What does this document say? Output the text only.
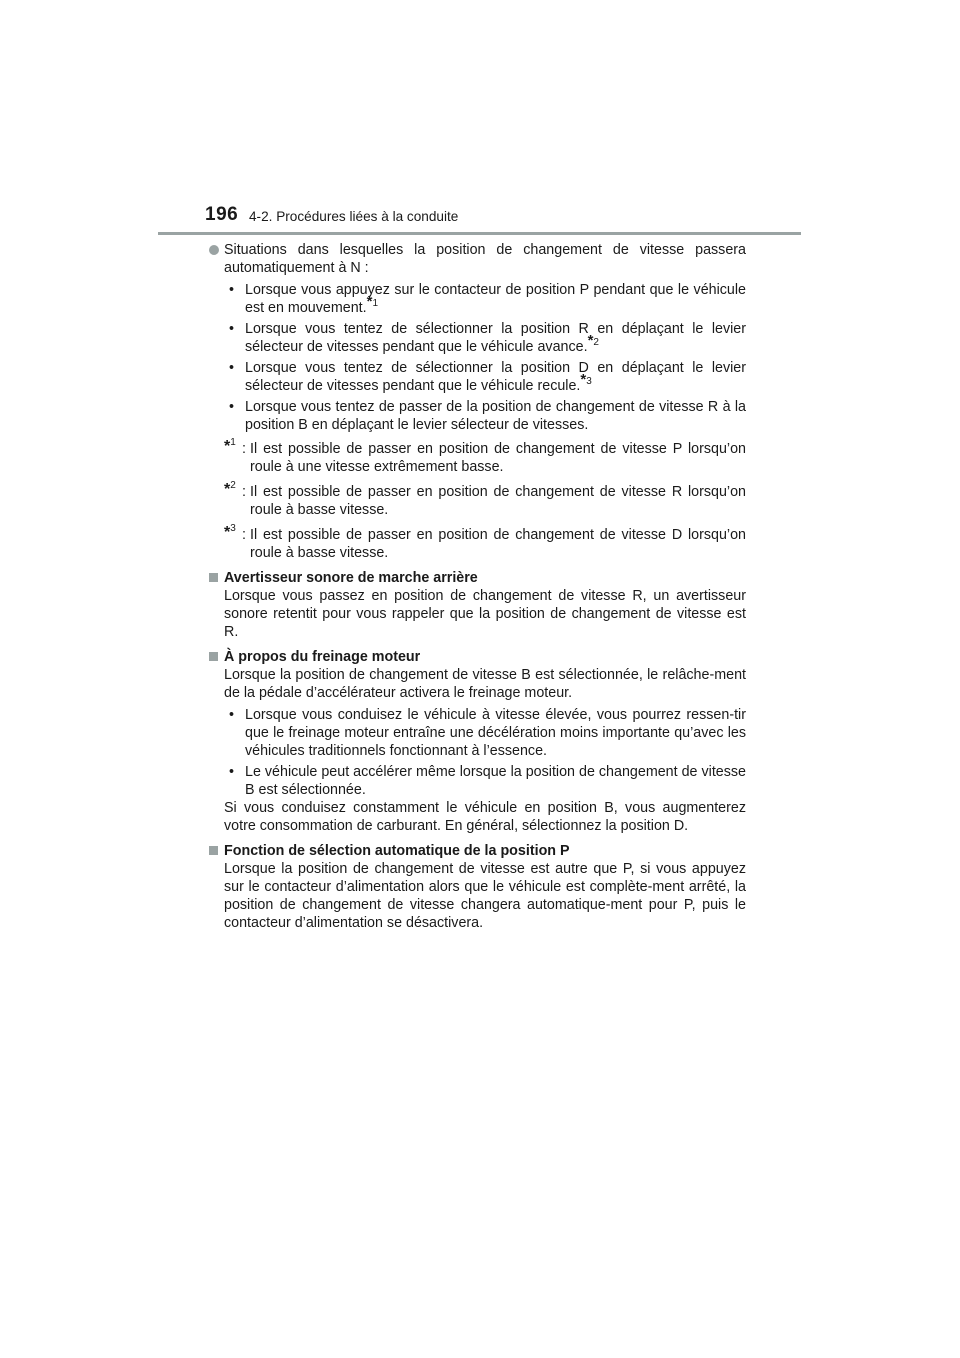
196 4-2. Procédures liées à la conduite

Situations dans lesquelles la position de changement de vitesse passera automatiquement à N :

• Lorsque vous appuyez sur le contacteur de position P pendant que le véhicule est en mouvement.$^{*1}$
• Lorsque vous tentez de sélectionner la position R en déplaçant le levier sélecteur de vitesses pendant que le véhicule avance.$^{*2}$
• Lorsque vous tentez de sélectionner la position D en déplaçant le levier sélecteur de vitesses pendant que le véhicule recule.$^{*3}$
• Lorsque vous tentez de passer de la position de changement de vitesse R à la position B en déplaçant le levier sélecteur de vitesses.
*$^1$ : Il est possible de passer en position de changement de vitesse P lorsqu’on roule à une vitesse extrêmement basse.
*$^2$ : Il est possible de passer en position de changement de vitesse R lorsqu’on roule à basse vitesse.
*$^3$ : Il est possible de passer en position de changement de vitesse D lorsqu’on roule à basse vitesse.
Avertisseur sonore de marche arrière

Lorsque vous passez en position de changement de vitesse R, un avertisseur sonore retentit pour vous rappeler que la position de changement de vitesse est R.

À propos du freinage moteur

Lorsque la position de changement de vitesse B est sélectionnée, le relâche-ment de la pédale d’accélérateur activera le freinage moteur.

• Lorsque vous conduisez le véhicule à vitesse élevée, vous pourrez ressen-tir que le freinage moteur entraîne une décélération moins importante qu’avec les véhicules traditionnels fonctionnant à l’essence.
• Le véhicule peut accélérer même lorsque la position de changement de vitesse B est sélectionnée.

Si vous conduisez constamment le véhicule en position B, vous augmenterez votre consommation de carburant. En général, sélectionnez la position D.

Fonction de sélection automatique de la position P

Lorsque la position de changement de vitesse est autre que P, si vous appuyez sur le contacteur d’alimentation alors que le véhicule est complète-ment arrêté, la position de changement de vitesse changera automatique-ment pour P, puis le contacteur d’alimentation se désactivera.
